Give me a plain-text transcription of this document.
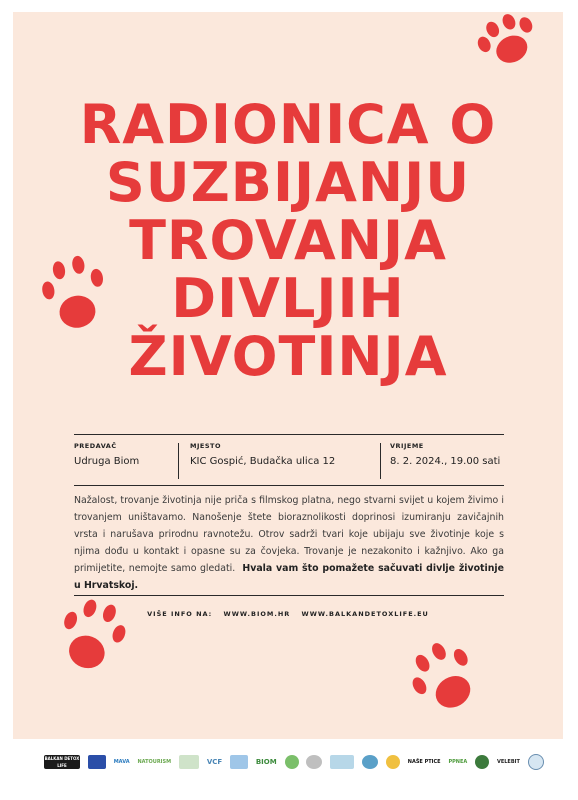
RADIONICA O
SUZBIJANJU
TROVANJA
DIVLJIH
ŽIVOTINJA
PREDAVAČ
Udruga Biom
MJESTO
KIC Gospić, Budačka ulica 12
VRIJEME
8. 2. 2024., 19.00 sati
Nažalost, trovanje životinja nije priča s filmskog platna, nego stvarni svijet u kojem živimo i trovanjem uništavamo. Nanošenje štete bioraznolikosti doprinosi izumiranju zavičajnih vrsta i narušava prirodnu ravnotežu. Otrov sadrži tvari koje ubijaju sve životinje koje s njima dođu u kontakt i opasne su za čovjeka. Trovanje je nezakonito i kažnjivo. Ako ga primijetite, nemojte samo gledati. Hvala vam što pomažete sačuvati divlje životinje u Hrvatskoj.
VIŠE INFO NA: WWW.BIOM.HR WWW.BALKANDETOXLIFE.EU
BALKAN DETOX LIFE
MAVA NATOURISM	VCF	BIOM	NAŠE PTICE PPNEA	VELEBIT
